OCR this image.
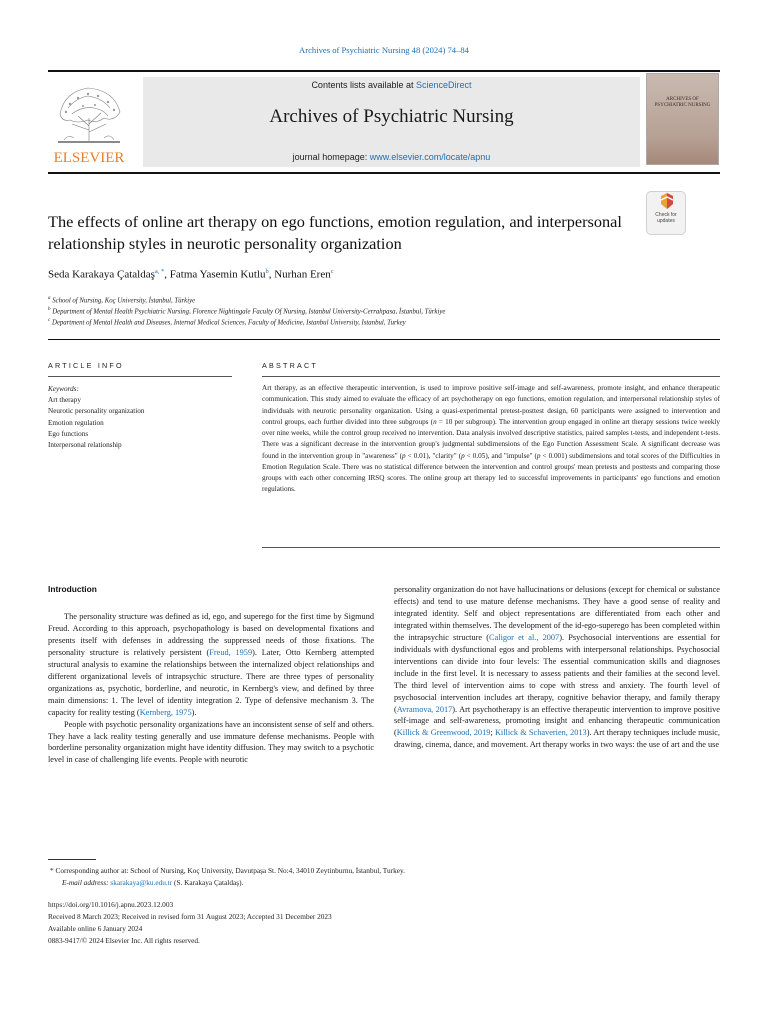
Archives of Psychiatric Nursing 48 (2024) 74–84
ELSEVIER
Contents lists available at ScienceDirect
Archives of Psychiatric Nursing
journal homepage: www.elsevier.com/locate/apnu
ARCHIVES OF PSYCHIATRIC NURSING
Check for
updates
The effects of online art therapy on ego functions, emotion regulation, and interpersonal relationship styles in neurotic personality organization
Seda Karakaya Çataldaş$^{a, *}$, Fatma Yasemin Kutlu$^b$, Nurhan Eren$^c$
$^a$ School of Nursing, Koç University, İstanbul, Türkiye
$^b$ Department of Mental Health Psychiatric Nursing, Florence Nightingale Faculty Of Nursing, Istanbul University-Cerrahpasa, İstanbul, Türkiye
$^c$ Department of Mental Health and Diseases, Internal Medical Sciences, Faculty of Medicine, Istanbul University, Istanbul, Turkey
ARTICLE INFO	ABSTRACT
Keywords:
Art therapy
Neurotic personality organization
Emotion regulation
Ego functions
Interpersonal relationship
Art therapy, as an effective therapeutic intervention, is used to improve positive self-image and self-awareness, promote insight, and enhance therapeutic communication. This study aimed to evaluate the efficacy of art psychotherapy on ego functions, emotion regulation, and interpersonal relationship styles of individuals with neurotic personality organization. Using a quasi-experimental pretest-posttest design, 60 participants were assigned to intervention and control groups, each further divided into three subgroups (n = 10 per subgroup). The intervention group engaged in online art therapy sessions twice weekly over nine weeks, while the control group received no intervention. Data analysis involved descriptive statistics, paired samples t-tests, and independent t-tests. There was a significant decrease in the intervention group's judgmental subdimensions of the Ego Function Assessment Scale. A significant decrease was found in the intervention group in "awareness" (p < 0.01), "clarity" (p < 0.05), and "impulse" (p < 0.001) subdimensions and total scores of the Difficulties in Emotion Regulation Scale. There was no statistical difference between the intervention and control groups' mean pretests and posttests and comparing those groups with each other concerning IRSQ scores. The online group art therapy led to successful improvements in participants' ego functions and emotion regulations.
Introduction

The personality structure was defined as id, ego, and superego for the first time by Sigmund Freud. According to this approach, psychopathology is based on developmental fixations and presents itself with defenses in addressing the suppressed needs of those fixations. The personality structure is relatively persistent (Freud, 1959). Later, Otto Kernberg attempted structural analysis to examine the relationships between the internalized object relationships and different organizational levels of intrapsychic structure. There are three types of personality organizations as, psychotic, borderline, and neurotic, in Kernberg's view, and defined by three main dimensions: 1. The level of identity integration 2. Type of defensive mechanism 3. The capacity for reality testing (Kernberg, 1975).

People with psychotic personality organizations have an inconsistent sense of self and others. They have a lack reality testing generally and use immature defense mechanisms. People with borderline personality organization might have identity diffusion. They may switch to a psychotic level in case of challenging life events. People with neurotic

personality organization do not have hallucinations or delusions (except for chemical or substance effects) and tend to use mature defense mechanisms. They have a good sense of reality and integrated identity. Self and object representations are differentiated from each other and integrated within themselves. The development of the id-ego-superego has been completed within the intrapsychic structure (Caligor et al., 2007). Psychosocial interventions are essential for individuals with dysfunctional egos and problems with interpersonal relationships. Psychosocial interventions can divide into four levels: The essential communication skills and diagnoses include in the first level. It is necessary to assess patients and their families at the second level. The third level of intervention aims to cope with stress and anxiety. The fourth level of psychosocial intervention includes art therapy, cognitive behavior therapy, and family therapy (Avramova, 2017). Art psychotherapy is an effective therapeutic intervention to improve positive self-image and self-awareness, promoting insight and enhancing therapeutic communication (Killick & Greenwood, 2019; Killick & Schaverien, 2013). Art therapy techniques include music, drawing, cinema, dance, and movement. Art therapy works in two ways: the use of art and the use

* Corresponding author at: School of Nursing, Koç University, Davutpaşa St. No:4, 34010 Zeytinburnu, İstanbul, Turkey.
E-mail address: skarakaya@ku.edu.tr (S. Karakaya Çataldaş).
https://doi.org/10.1016/j.apnu.2023.12.003
Received 8 March 2023; Received in revised form 31 August 2023; Accepted 31 December 2023
Available online 6 January 2024
0883-9417/© 2024 Elsevier Inc. All rights reserved.
